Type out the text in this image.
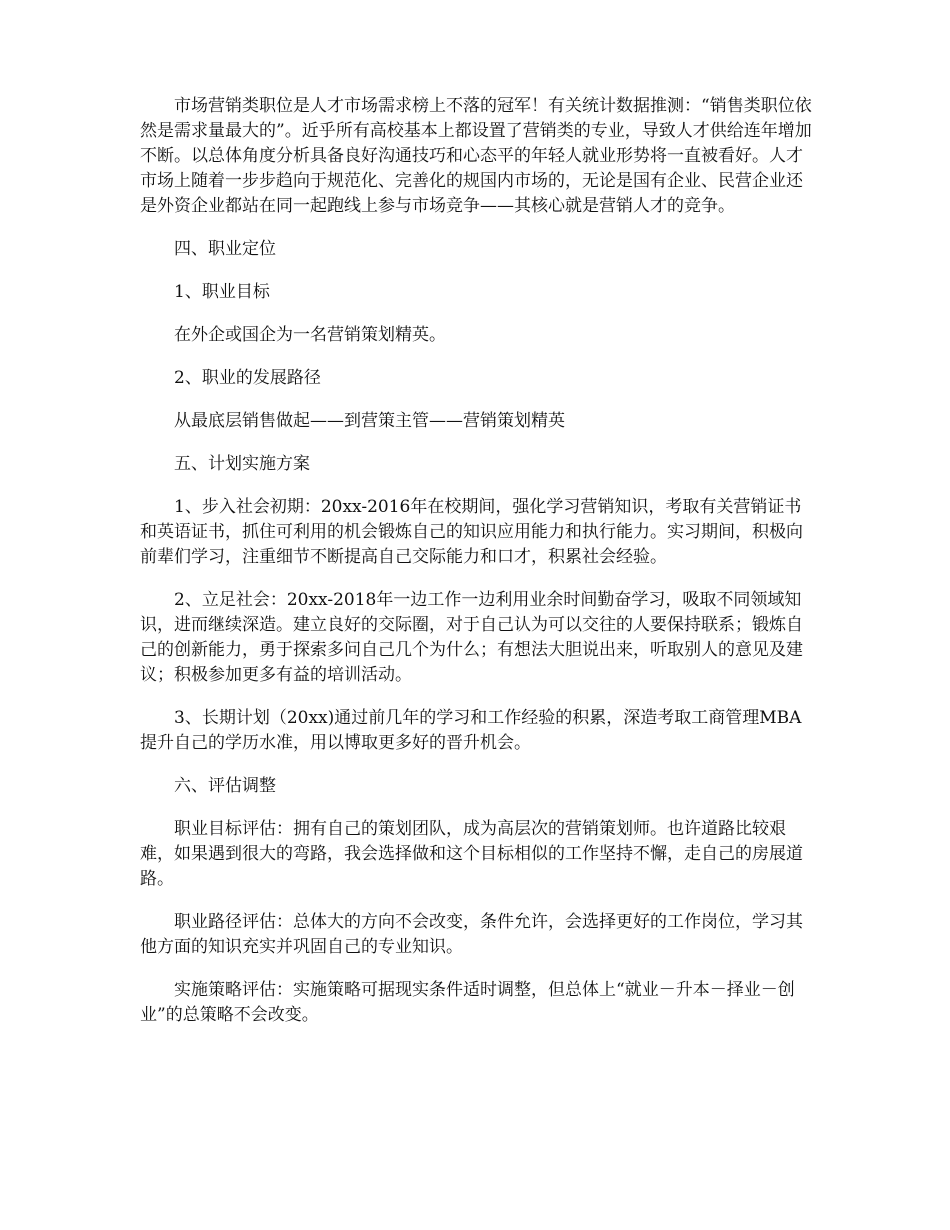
市场营销类职位是人才市场需求榜上不落的冠军！有关统计数据推测：“销售类职位依然是需求量最大的”。近乎所有高校基本上都设置了营销类的专业，导致人才供给连年增加不断。以总体角度分析具备良好沟通技巧和心态平的年轻人就业形势将一直被看好。人才市场上随着一步步趋向于规范化、完善化的规国内市场的，无论是国有企业、民营企业还是外资企业都站在同一起跑线上参与市场竞争——其核心就是营销人才的竞争。

四、职业定位

1、职业目标

在外企或国企为一名营销策划精英。

2、职业的发展路径

从最底层销售做起——到营策主管——营销策划精英

五、计划实施方案

1、步入社会初期：20xx-2016年在校期间，强化学习营销知识，考取有关营销证书和英语证书，抓住可利用的机会锻炼自己的知识应用能力和执行能力。实习期间，积极向前辈们学习，注重细节不断提高自己交际能力和口才，积累社会经验。

2、立足社会：20xx-2018年一边工作一边利用业余时间勤奋学习，吸取不同领域知识，进而继续深造。建立良好的交际圈，对于自己认为可以交往的人要保持联系；锻炼自己的创新能力，勇于探索多问自己几个为什么；有想法大胆说出来，听取别人的意见及建议；积极参加更多有益的培训活动。

3、长期计划（20xx)通过前几年的学习和工作经验的积累，深造考取工商管理MBA提升自己的学历水准，用以博取更多好的晋升机会。

六、评估调整

职业目标评估：拥有自己的策划团队，成为高层次的营销策划师。也许道路比较艰难，如果遇到很大的弯路，我会选择做和这个目标相似的工作坚持不懈，走自己的房展道路。

职业路径评估：总体大的方向不会改变，条件允许，会选择更好的工作岗位，学习其他方面的知识充实并巩固自己的专业知识。

实施策略评估：实施策略可据现实条件适时调整，但总体上“就业－升本－择业－创业”的总策略不会改变。
